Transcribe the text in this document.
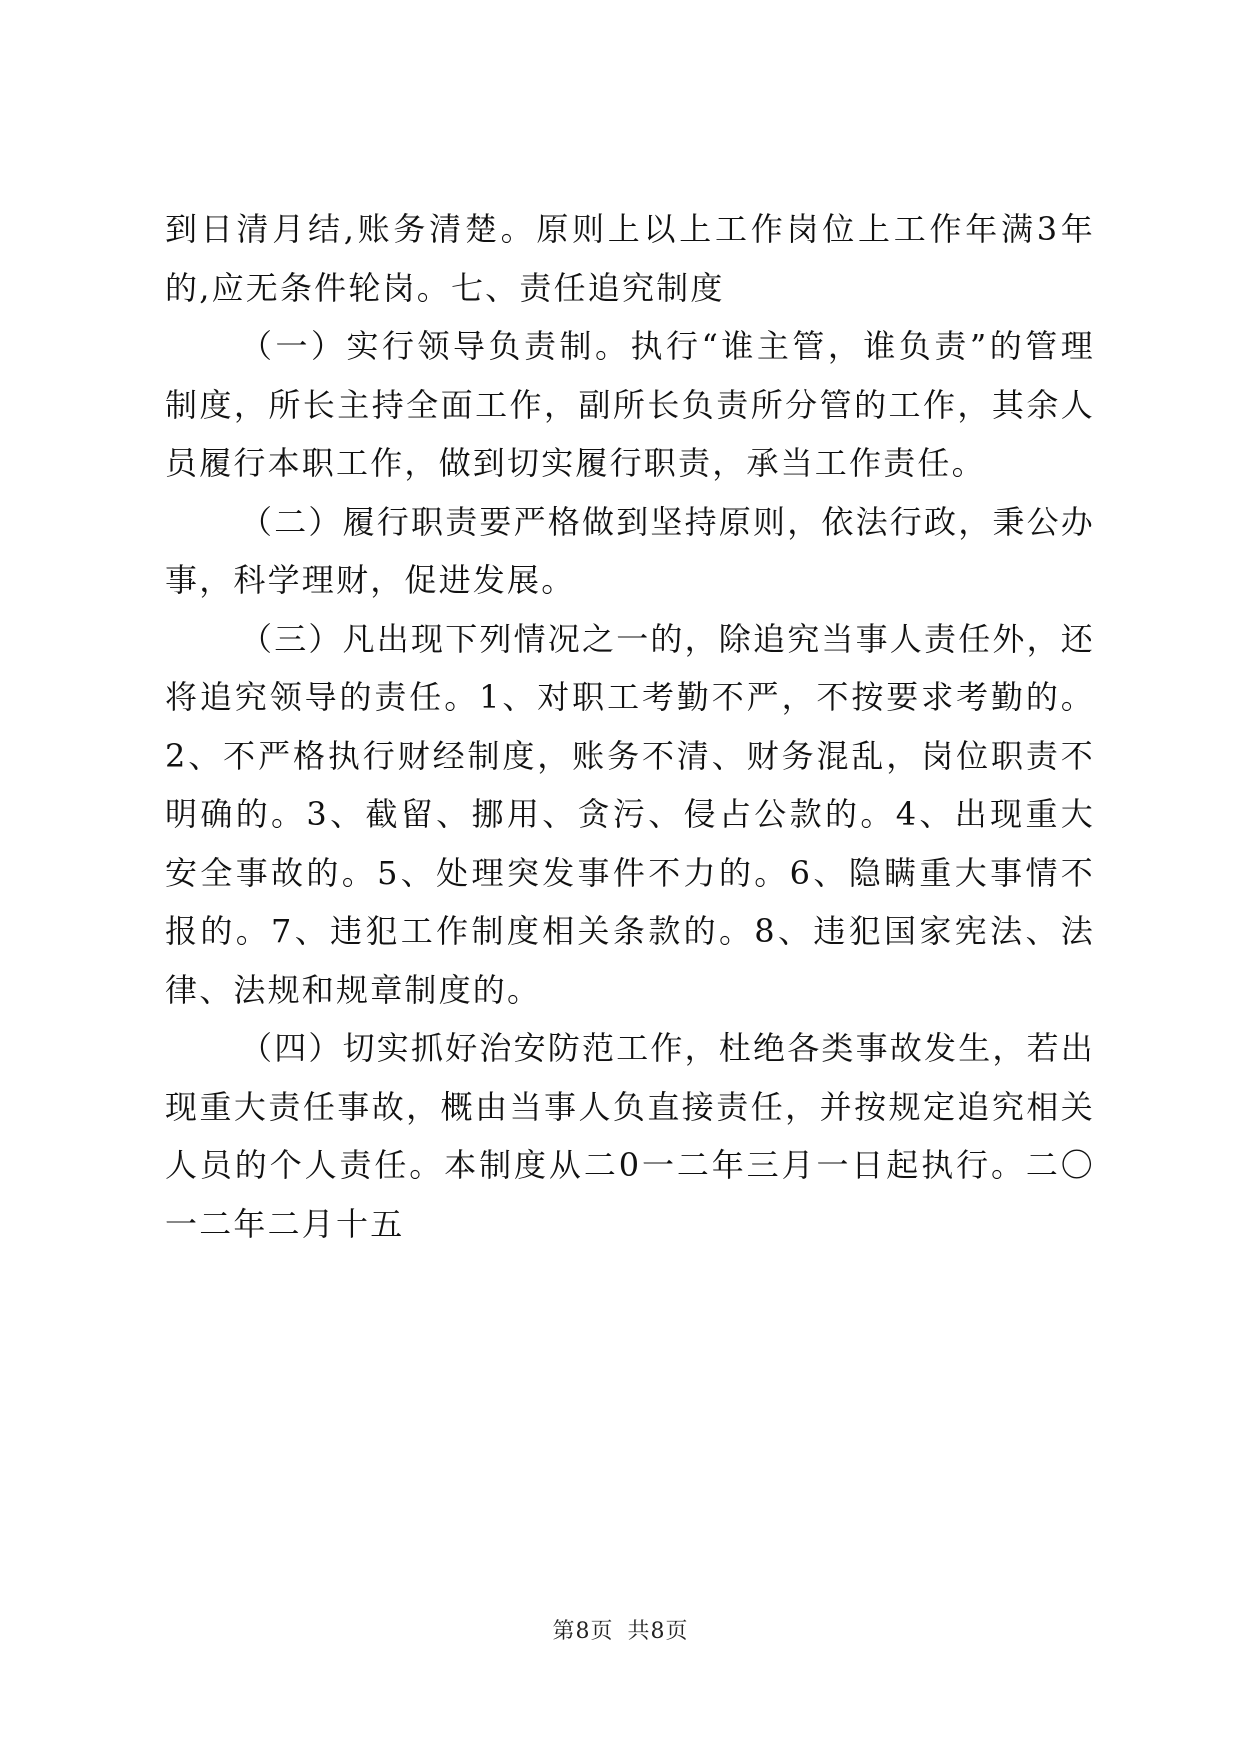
到日清月结,账务清楚。原则上以上工作岗位上工作年满3年的,应无条件轮岗。七、责任追究制度

（一）实行领导负责制。执行“谁主管，谁负责”的管理制度，所长主持全面工作，副所长负责所分管的工作，其余人员履行本职工作，做到切实履行职责，承当工作责任。

（二）履行职责要严格做到坚持原则，依法行政，秉公办事，科学理财，促进发展。

（三）凡出现下列情况之一的，除追究当事人责任外，还将追究领导的责任。1、对职工考勤不严，不按要求考勤的。2、不严格执行财经制度，账务不清、财务混乱，岗位职责不明确的。3、截留、挪用、贪污、侵占公款的。4、出现重大安全事故的。5、处理突发事件不力的。6、隐瞒重大事情不报的。7、违犯工作制度相关条款的。8、违犯国家宪法、法律、法规和规章制度的。

（四）切实抓好治安防范工作，杜绝各类事故发生，若出现重大责任事故，概由当事人负直接责任，并按规定追究相关人员的个人责任。本制度从二0一二年三月一日起执行。二〇一二年二月十五

第8页 共8页
